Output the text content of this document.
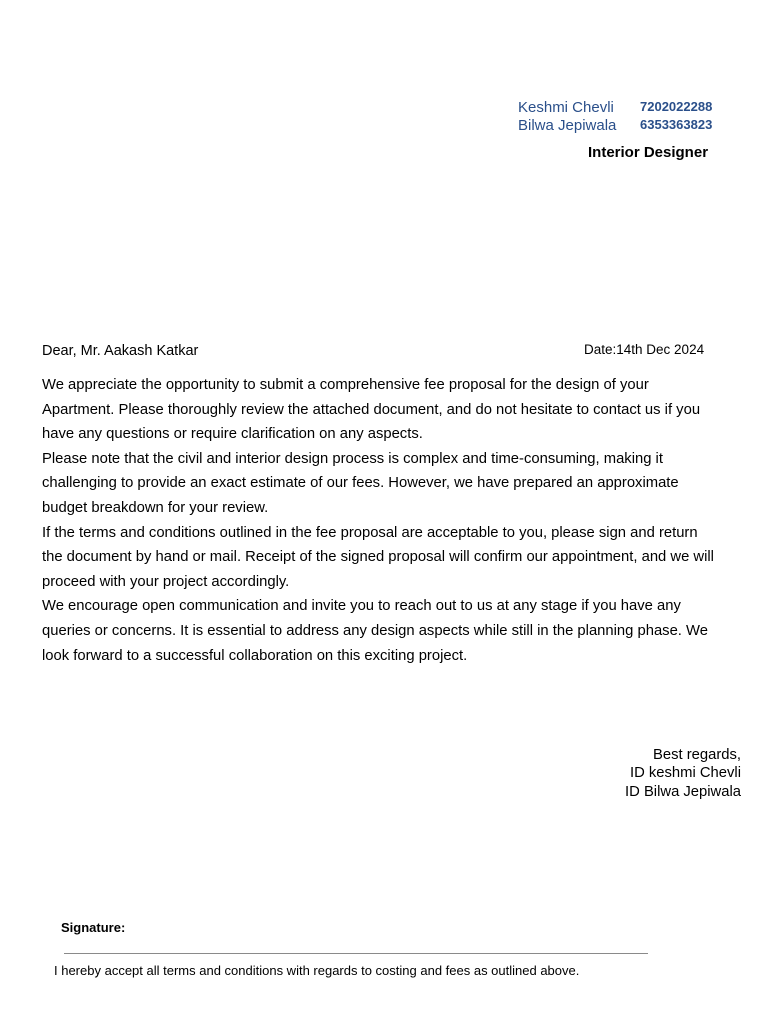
Keshmi Chevli 7202022288
Bilwa Jepiwala 6353363823
Interior Designer
Dear, Mr. Aakash Katkar	Date:14th Dec 2024

We appreciate the opportunity to submit a comprehensive fee proposal for the design of your Apartment. Please thoroughly review the attached document, and do not hesitate to contact us if you have any questions or require clarification on any aspects.

Please note that the civil and interior design process is complex and time-consuming, making it challenging to provide an exact estimate of our fees. However, we have prepared an approximate budget breakdown for your review.

If the terms and conditions outlined in the fee proposal are acceptable to you, please sign and return the document by hand or mail. Receipt of the signed proposal will confirm our appointment, and we will proceed with your project accordingly.

We encourage open communication and invite you to reach out to us at any stage if you have any queries or concerns. It is essential to address any design aspects while still in the planning phase. We look forward to a successful collaboration on this exciting project.

Best regards,
ID keshmi Chevli
ID Bilwa Jepiwala
Signature:
I hereby accept all terms and conditions with regards to costing and fees as outlined above.
